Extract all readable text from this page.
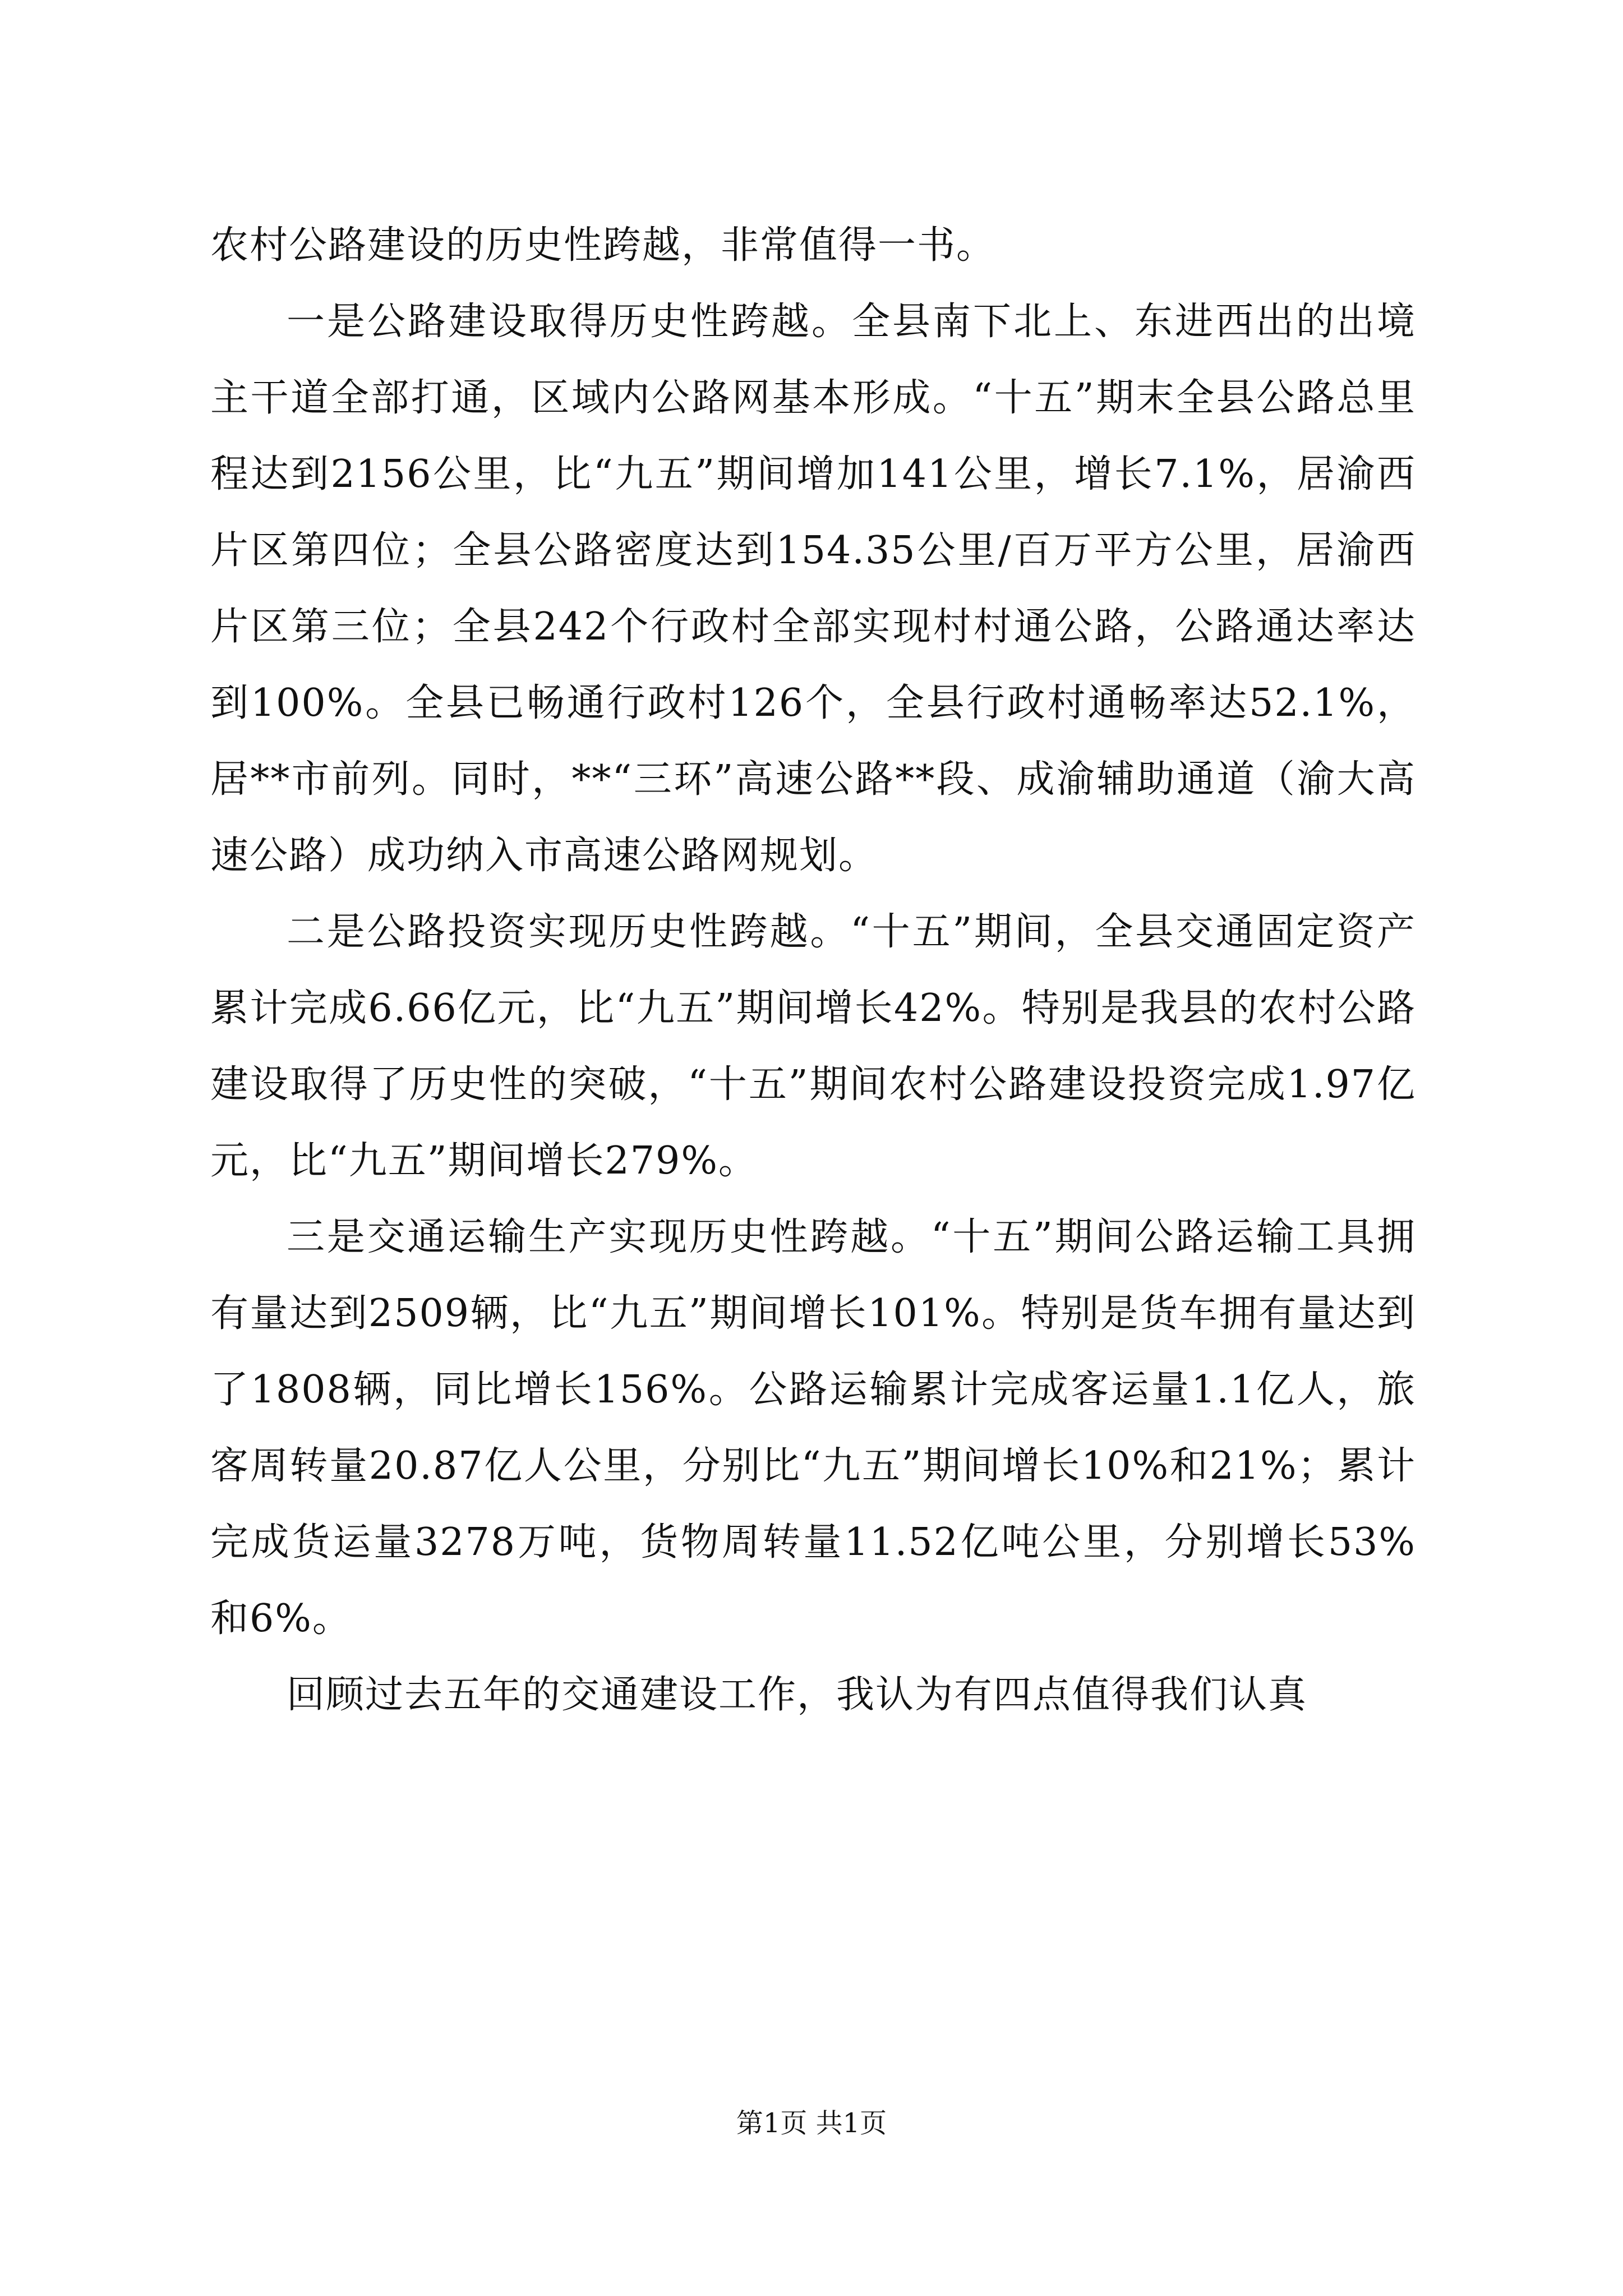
农村公路建设的历史性跨越，非常值得一书。

一是公路建设取得历史性跨越。全县南下北上、东进西出的出境主干道全部打通，区域内公路网基本形成。“十五”期末全县公路总里程达到2156公里，比“九五”期间增加141公里，增长7.1%，居渝西片区第四位；全县公路密度达到154.35公里/百万平方公里，居渝西片区第三位；全县242个行政村全部实现村村通公路，公路通达率达到100%。全县已畅通行政村126个，全县行政村通畅率达52.1%，居**市前列。同时，**“三环”高速公路**段、成渝辅助通道（渝大高速公路）成功纳入市高速公路网规划。

二是公路投资实现历史性跨越。“十五”期间，全县交通固定资产累计完成6.66亿元，比“九五”期间增长42%。特别是我县的农村公路建设取得了历史性的突破，“十五”期间农村公路建设投资完成1.97亿元，比“九五”期间增长279%。

三是交通运输生产实现历史性跨越。“十五”期间公路运输工具拥有量达到2509辆，比“九五”期间增长101%。特别是货车拥有量达到了1808辆，同比增长156%。公路运输累计完成客运量1.1亿人，旅客周转量20.87亿人公里，分别比“九五”期间增长10%和21%；累计完成货运量3278万吨，货物周转量11.52亿吨公里，分别增长53%和6%。

回顾过去五年的交通建设工作，我认为有四点值得我们认真

第1页 共1页
